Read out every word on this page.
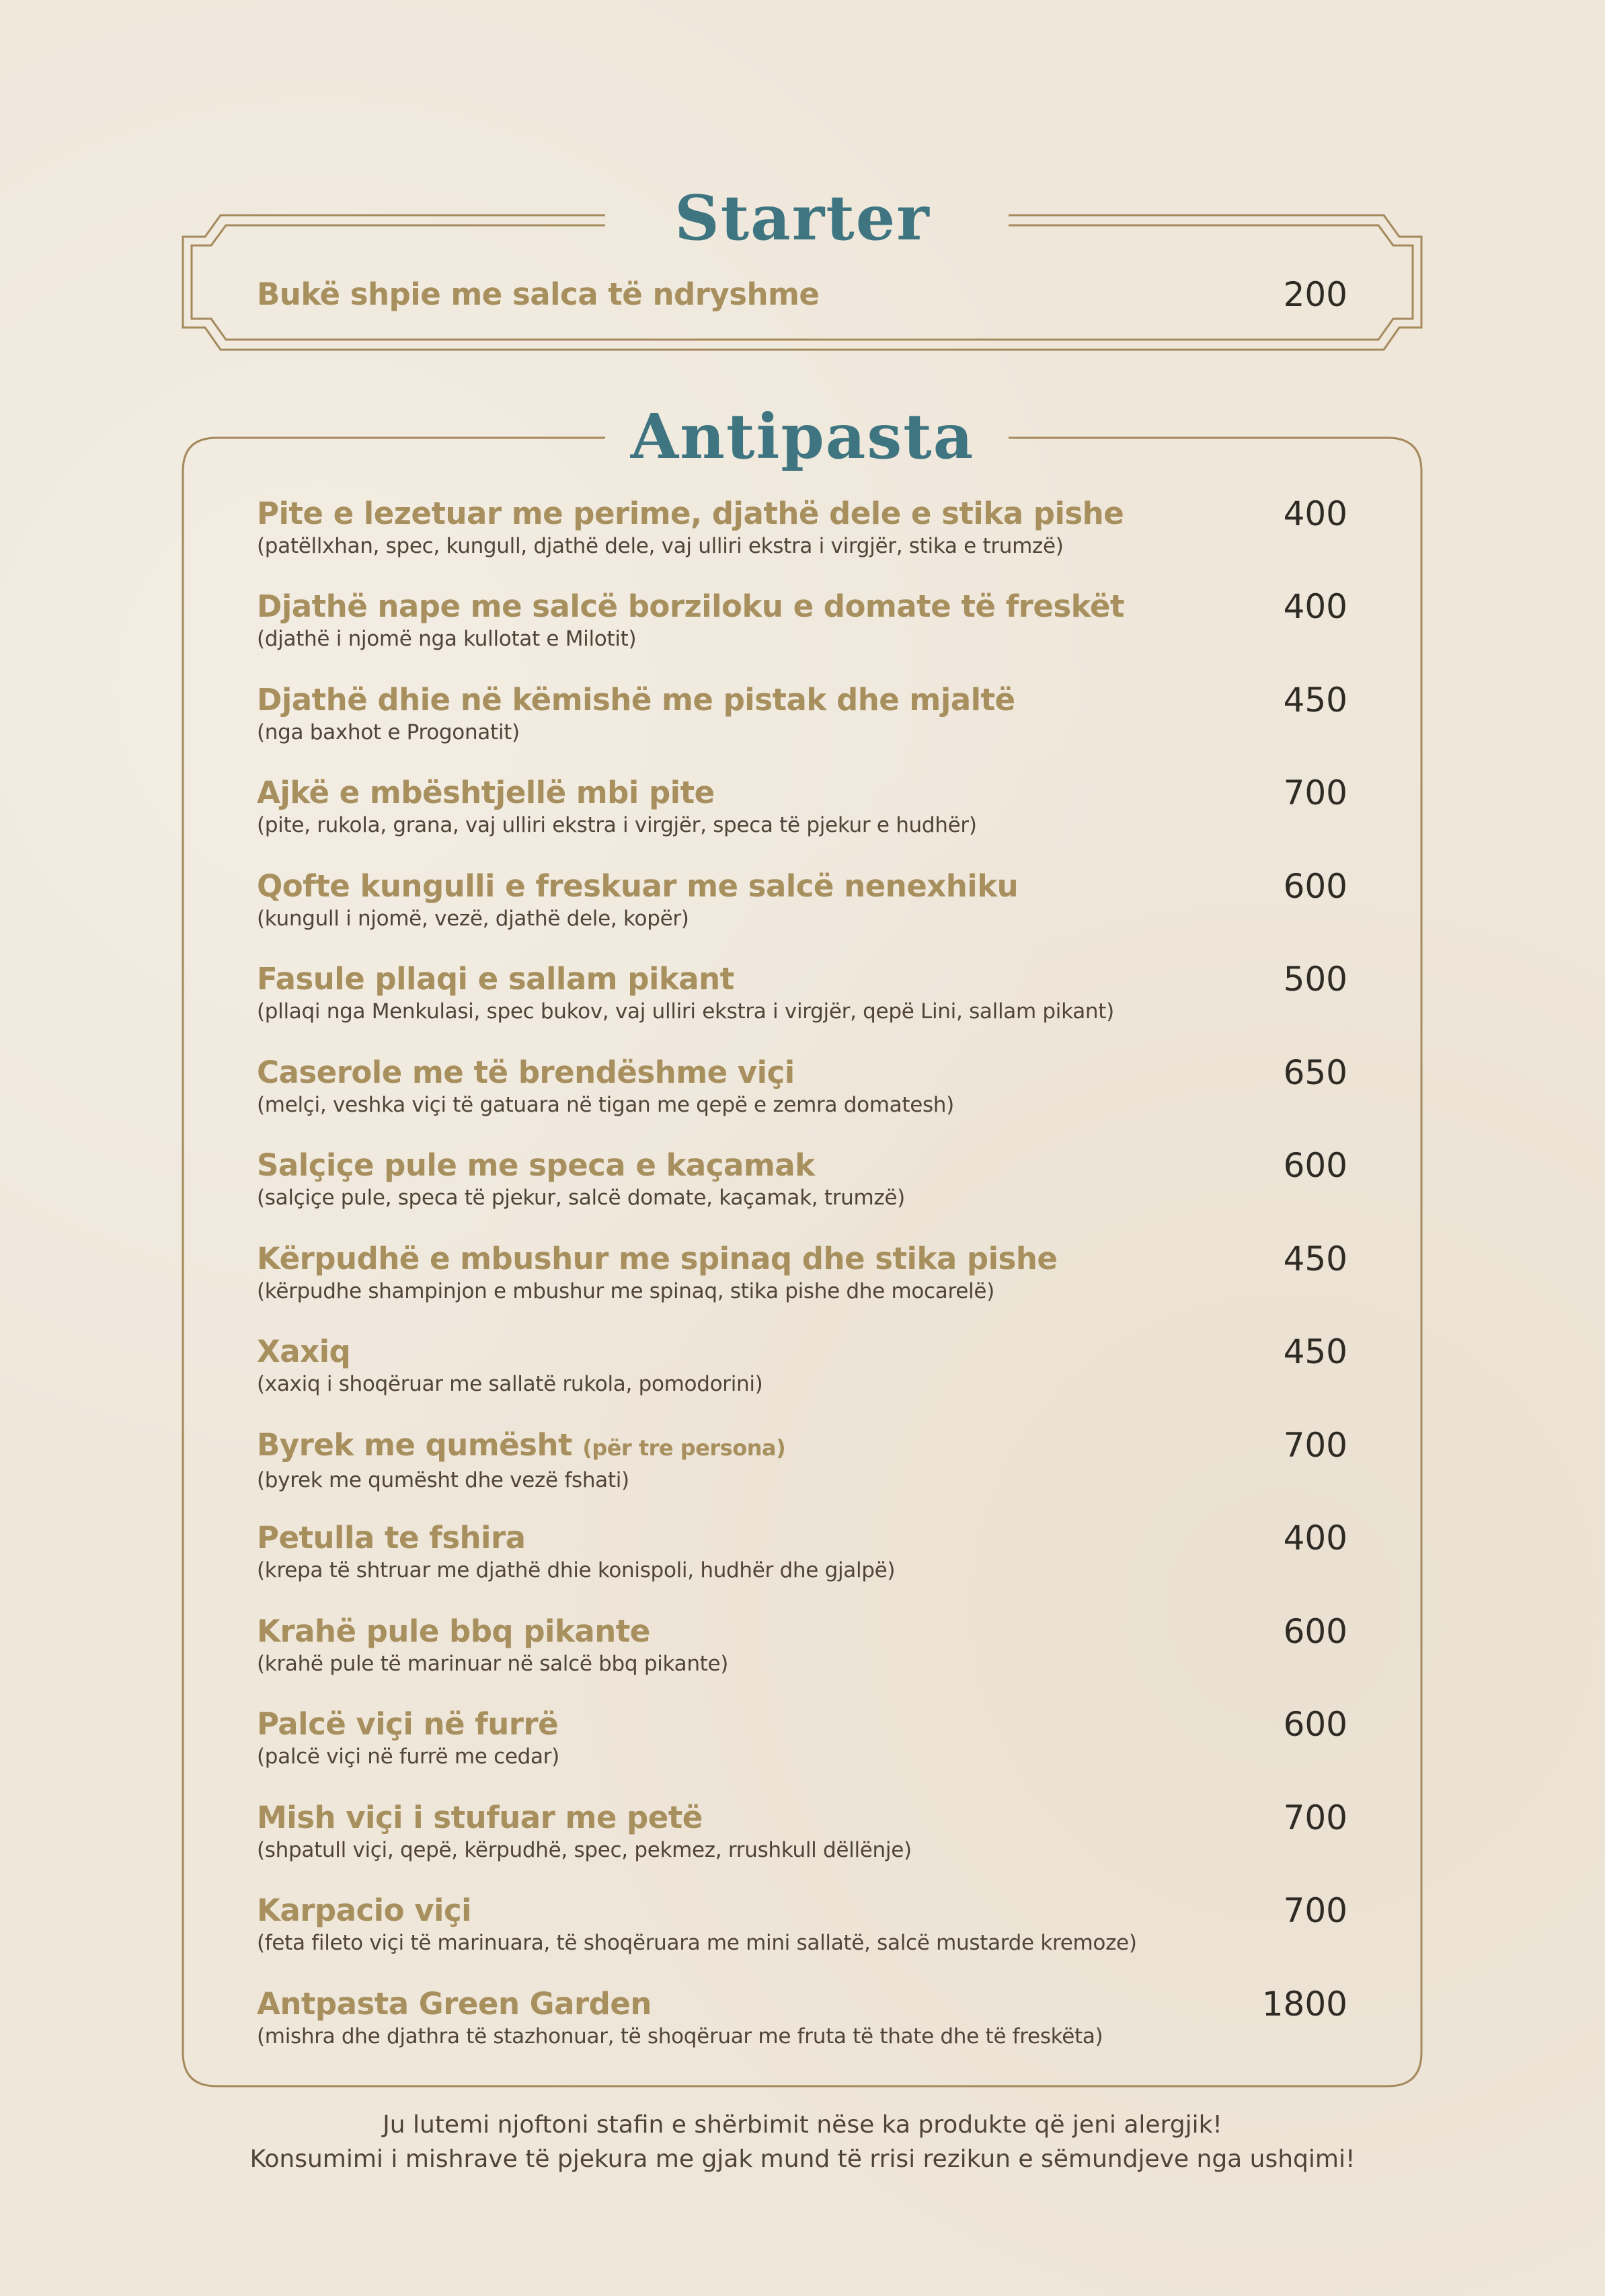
Starter
Bukë shpie me salca të ndryshme	200
Antipasta
Pite e lezetuar me perime, djathë dele e stika pishe
(patëllxhan, spec, kungull, djathë dele, vaj ulliri ekstra i virgjër, stika e trumzë)
400
Djathë nape me salcë borziloku e domate të freskët
(djathë i njomë nga kullotat e Milotit)
400
Djathë dhie në këmishë me pistak dhe mjaltë
(nga baxhot e Progonatit)
450
Ajkë e mbështjellë mbi pite
(pite, rukola, grana, vaj ulliri ekstra i virgjër, speca të pjekur e hudhër)
700
Qofte kungulli e freskuar me salcë nenexhiku
(kungull i njomë, vezë, djathë dele, kopër)
600
Fasule pllaqi e sallam pikant
(pllaqi nga Menkulasi, spec bukov, vaj ulliri ekstra i virgjër, qepë Lini, sallam pikant)
500
Caserole me të brendëshme viçi
(melçi, veshka viçi të gatuara në tigan me qepë e zemra domatesh)
650
Salçiçe pule me speca e kaçamak
(salçiçe pule, speca të pjekur, salcë domate, kaçamak, trumzë)
600
Kërpudhë e mbushur me spinaq dhe stika pishe
(kërpudhe shampinjon e mbushur me spinaq, stika pishe dhe mocarelë)
450
Xaxiq
(xaxiq i shoqëruar me sallatë rukola, pomodorini)
450
Byrek me qumësht (për tre persona)
(byrek me qumësht dhe vezë fshati)
700
Petulla te fshira
(krepa të shtruar me djathë dhie konispoli, hudhër dhe gjalpë)
400
Krahë pule bbq pikante
(krahë pule të marinuar në salcë bbq pikante)
600
Palcë viçi në furrë
(palcë viçi në furrë me cedar)
600
Mish viçi i stufuar me petë
(shpatull viçi, qepë, kërpudhë, spec, pekmez, rrushkull dëllënje)
700
Karpacio viçi
(feta fileto viçi të marinuara, të shoqëruara me mini sallatë, salcë mustarde kremoze)
700
Antpasta Green Garden
(mishra dhe djathra të stazhonuar, të shoqëruar me fruta të thate dhe të freskëta)
1800
Ju lutemi njoftoni stafin e shërbimit nëse ka produkte që jeni alergjik!
Konsumimi i mishrave të pjekura me gjak mund të rrisi rezikun e sëmundjeve nga ushqimi!
